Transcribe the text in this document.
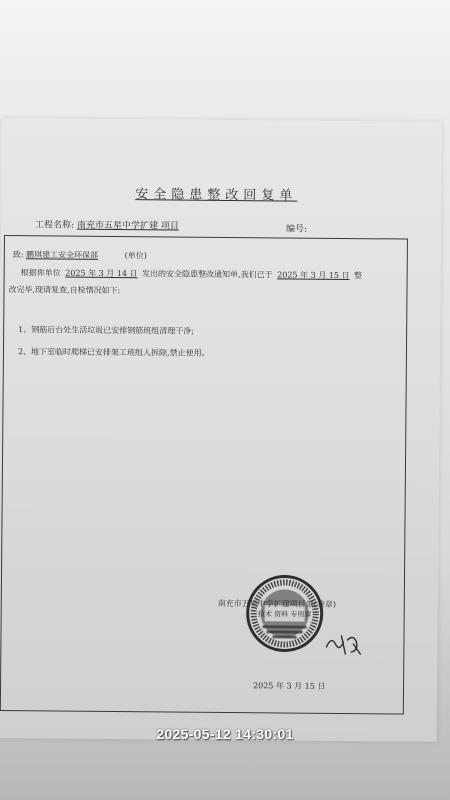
安全隐患整改回复单
工程名称: 南充市五星中学扩建 项目	编号:
致: 鹏琪建工安全环保部	(单位)
根据你单位 2025 年 3 月 14 日 发出的安全隐患整改通知单,我们已于 2025 年 3 月 15 日 整
改完毕,现请复查,自检情况如下:
1、钢筋后台处生活垃圾已安排钢筋班组清理干净;
2、地下室临时爬梯已安排架工班组人拆除,禁止使用。
技术 资料 专用章
南充市五星中学扩建项目部(签章)
2025 年 3 月 15 日
2025-05-12 14:30:01
